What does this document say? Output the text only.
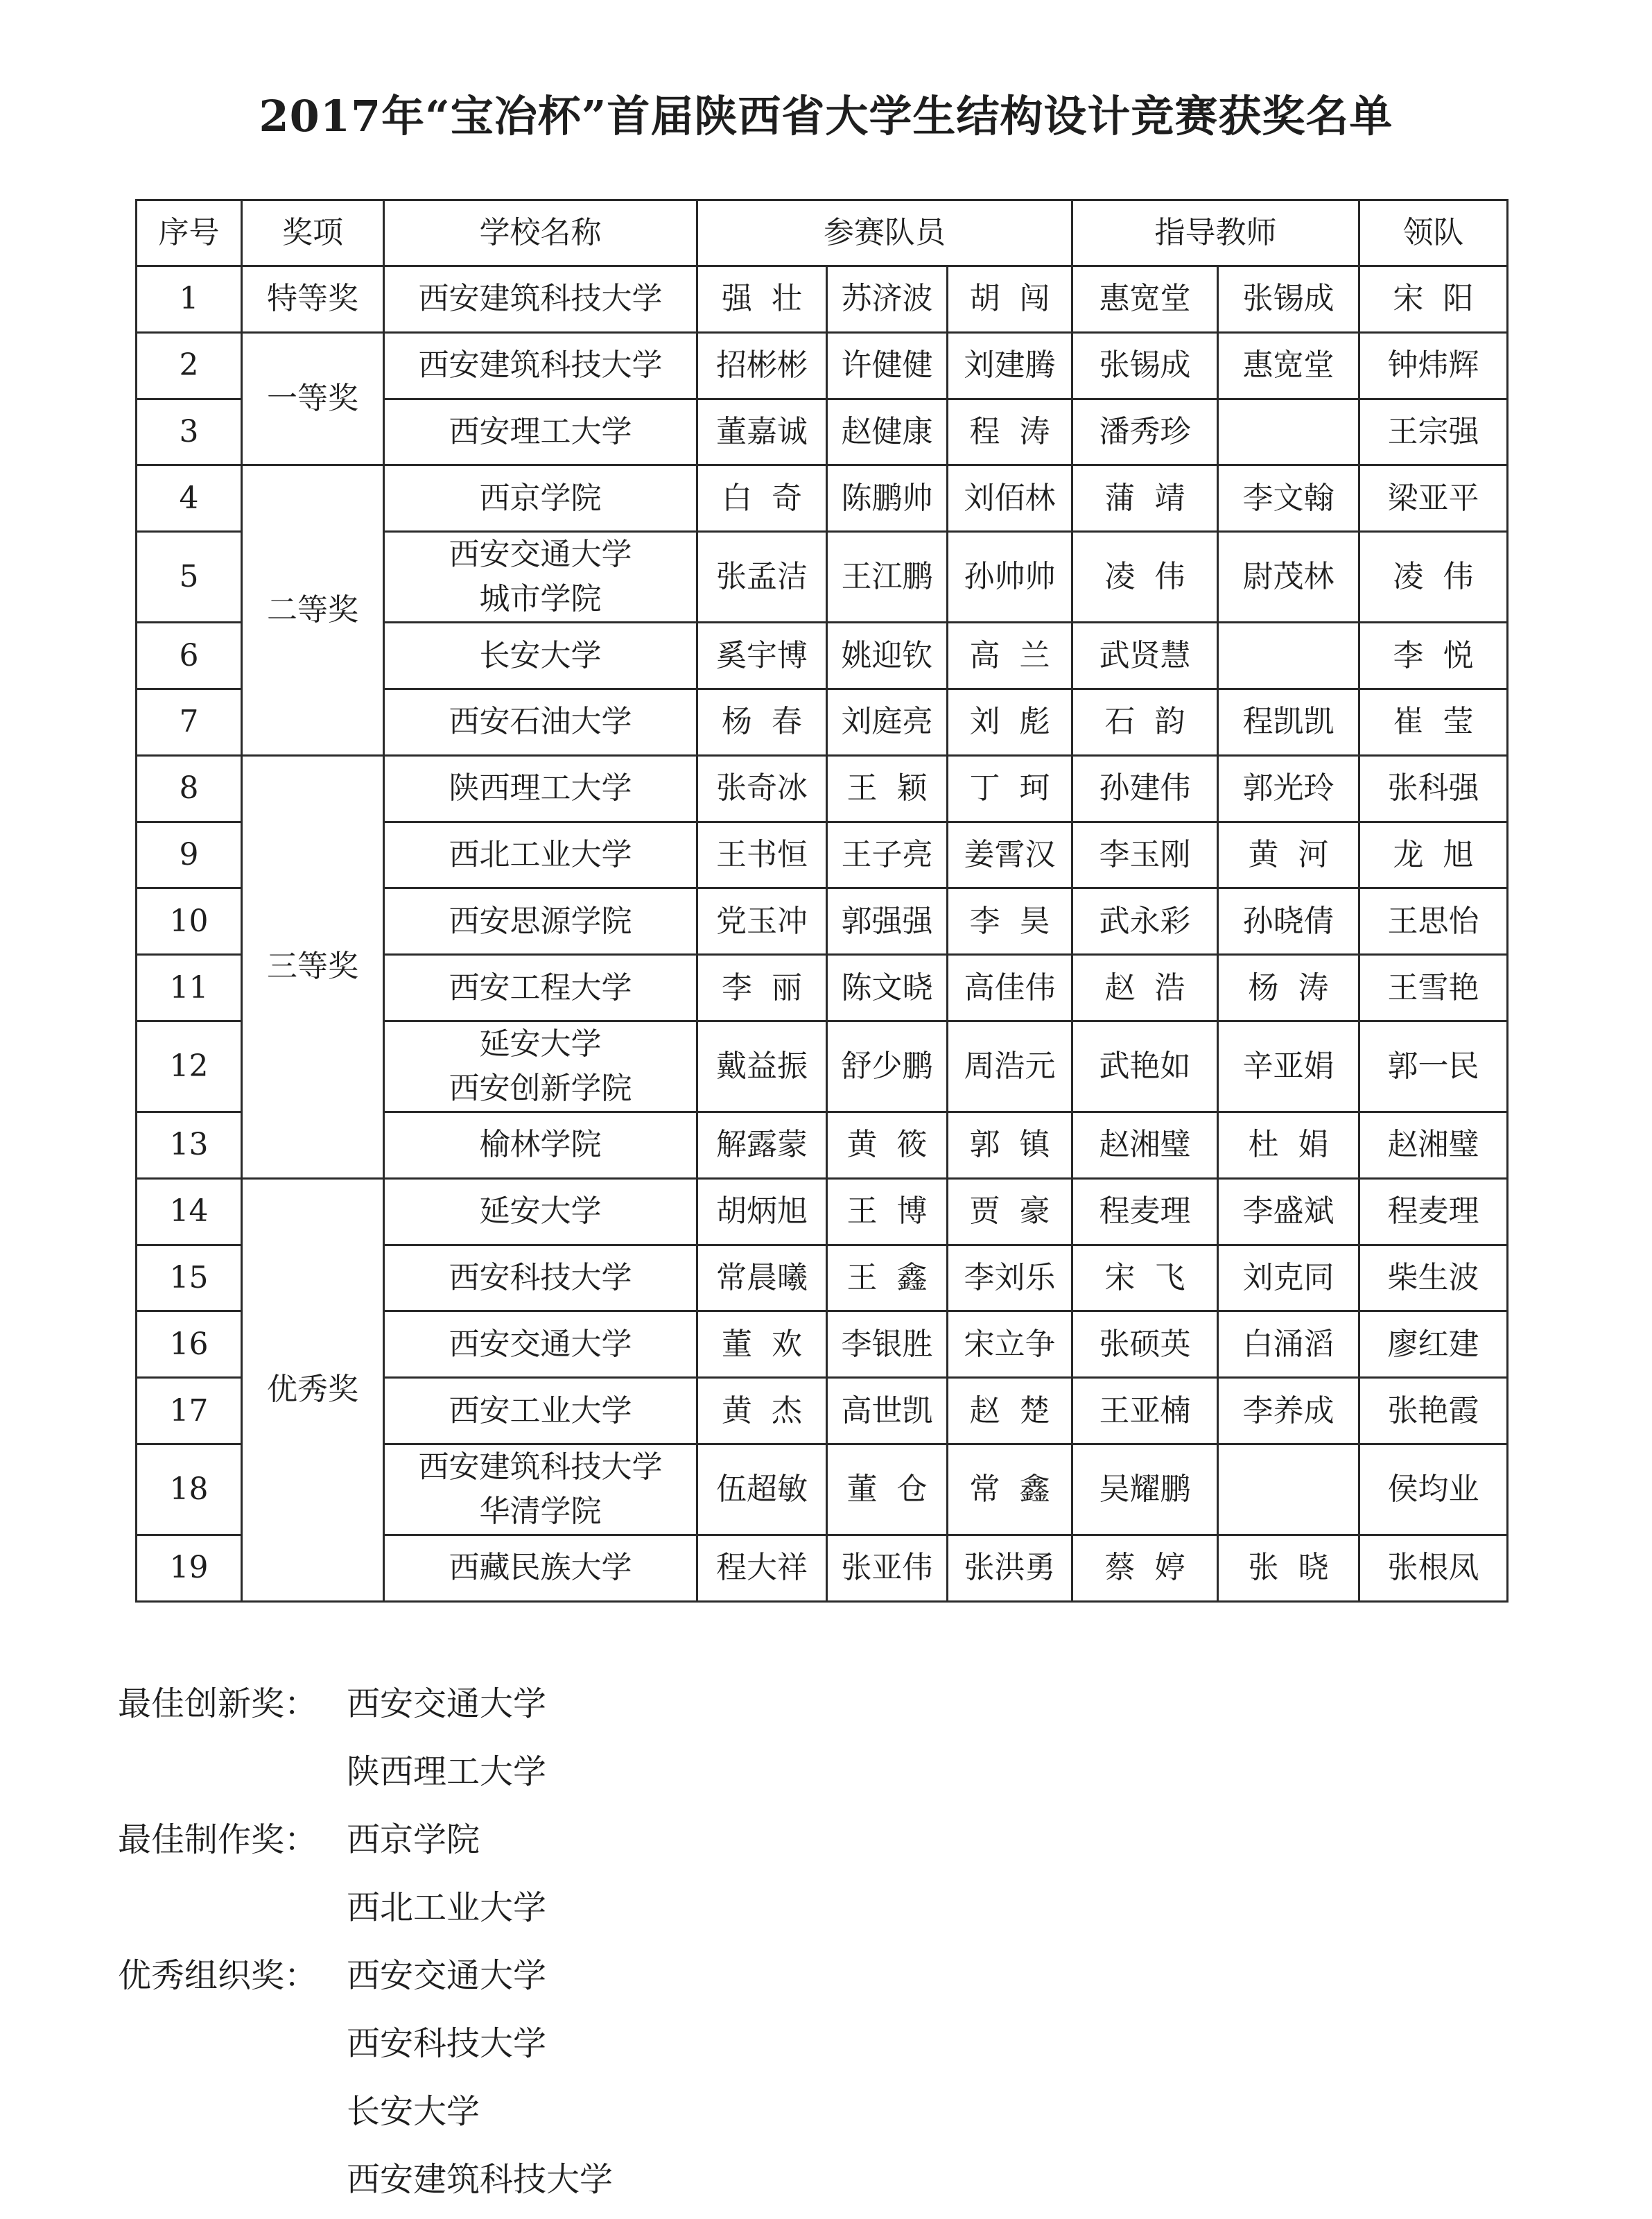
2017年“宝冶杯”首届陕西省大学生结构设计竞赛获奖名单
序号	奖项	学校名称	参赛队员			指导教师		领队
1	特等奖	西安建筑科技大学	强  壮	苏济波	胡  闯	惠宽堂	张锡成	宋  阳
2	一等奖	西安建筑科技大学	招彬彬	许健健	刘建腾	张锡成	惠宽堂	钟炜辉
3		西安理工大学	董嘉诚	赵健康	程  涛	潘秀珍		王宗强
4	二等奖	西京学院	白  奇	陈鹏帅	刘佰林	蒲  靖	李文翰	梁亚平
5		西安交通大学
城市学院	张孟洁	王江鹏	孙帅帅	凌  伟	尉茂林	凌  伟
6		长安大学	奚宇博	姚迎钦	高  兰	武贤慧		李  悦
7		西安石油大学	杨  春	刘庭亮	刘  彪	石  韵	程凯凯	崔  莹
8	三等奖	陕西理工大学	张奇冰	王  颖	丁  珂	孙建伟	郭光玲	张科强
9		西北工业大学	王书恒	王子亮	姜霄汉	李玉刚	黄  河	龙  旭
10		西安思源学院	党玉冲	郭强强	李  昊	武永彩	孙晓倩	王思怡
11		西安工程大学	李  丽	陈文晓	高佳伟	赵  浩	杨  涛	王雪艳
12		延安大学
西安创新学院	戴益振	舒少鹏	周浩元	武艳如	辛亚娟	郭一民
13		榆林学院	解露蒙	黄  筱	郭  镇	赵湘璧	杜  娟	赵湘璧
14	优秀奖	延安大学	胡炳旭	王  博	贾  豪	程麦理	李盛斌	程麦理
15		西安科技大学	常晨曦	王  鑫	李刘乐	宋  飞	刘克同	柴生波
16		西安交通大学	董  欢	李银胜	宋立争	张硕英	白涌滔	廖红建
17		西安工业大学	黄  杰	高世凯	赵  楚	王亚楠	李养成	张艳霞
18		西安建筑科技大学
华清学院	伍超敏	董  仓	常  鑫	吴耀鹏		侯均业
19		西藏民族大学	程大祥	张亚伟	张洪勇	蔡  婷	张  晓	张根凤
最佳创新奖： 西安交通大学
陕西理工大学
最佳制作奖： 西京学院
西北工业大学
优秀组织奖： 西安交通大学
西安科技大学
长安大学
西安建筑科技大学
